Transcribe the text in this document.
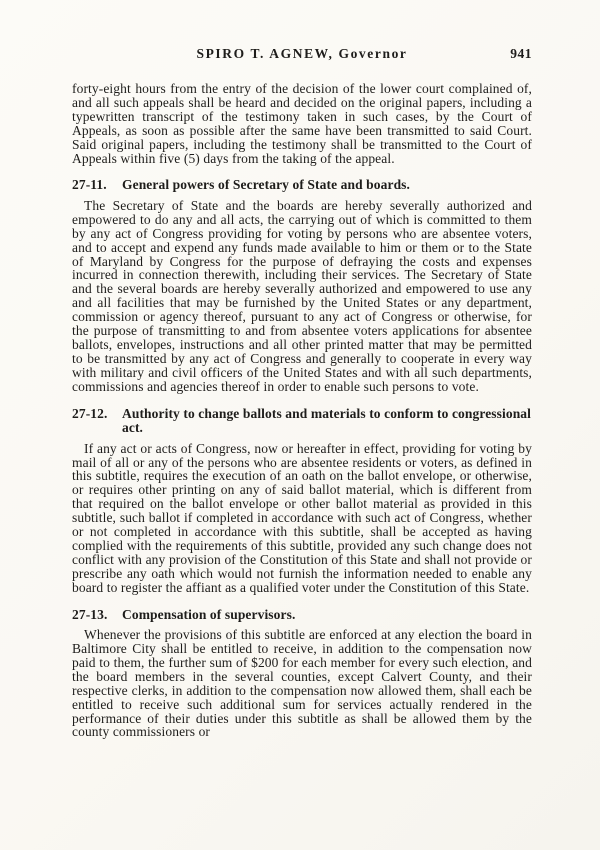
SPIRO T. AGNEW, Governor	941

forty-eight hours from the entry of the decision of the lower court complained of, and all such appeals shall be heard and decided on the original papers, including a typewritten transcript of the testimony taken in such cases, by the Court of Appeals, as soon as possible after the same have been transmitted to said Court. Said original papers, including the testimony shall be transmitted to the Court of Appeals within five (5) days from the taking of the appeal.

27-11.	General powers of Secretary of State and boards.

The Secretary of State and the boards are hereby severally authorized and empowered to do any and all acts, the carrying out of which is committed to them by any act of Congress providing for voting by persons who are absentee voters, and to accept and expend any funds made available to him or them or to the State of Maryland by Congress for the purpose of defraying the costs and expenses incurred in connection therewith, including their services. The Secretary of State and the several boards are hereby severally authorized and empowered to use any and all facilities that may be furnished by the United States or any department, commission or agency thereof, pursuant to any act of Congress or otherwise, for the purpose of transmitting to and from absentee voters applications for absentee ballots, envelopes, instructions and all other printed matter that may be permitted to be transmitted by any act of Congress and generally to cooperate in every way with military and civil officers of the United States and with all such departments, commissions and agencies thereof in order to enable such persons to vote.

27-12.	Authority to change ballots and materials to conform to congressional act.

If any act or acts of Congress, now or hereafter in effect, providing for voting by mail of all or any of the persons who are absentee residents or voters, as defined in this subtitle, requires the execution of an oath on the ballot envelope, or otherwise, or requires other printing on any of said ballot material, which is different from that required on the ballot envelope or other ballot material as provided in this subtitle, such ballot if completed in accordance with such act of Congress, whether or not completed in accordance with this subtitle, shall be accepted as having complied with the requirements of this subtitle, provided any such change does not conflict with any provision of the Constitution of this State and shall not provide or prescribe any oath which would not furnish the information needed to enable any board to register the affiant as a qualified voter under the Constitution of this State.

27-13.	Compensation of supervisors.

Whenever the provisions of this subtitle are enforced at any election the board in Baltimore City shall be entitled to receive, in addition to the compensation now paid to them, the further sum of $200 for each member for every such election, and the board members in the several counties, except Calvert County, and their respective clerks, in addition to the compensation now allowed them, shall each be entitled to receive such additional sum for services actually rendered in the performance of their duties under this subtitle as shall be allowed them by the county commissioners or
